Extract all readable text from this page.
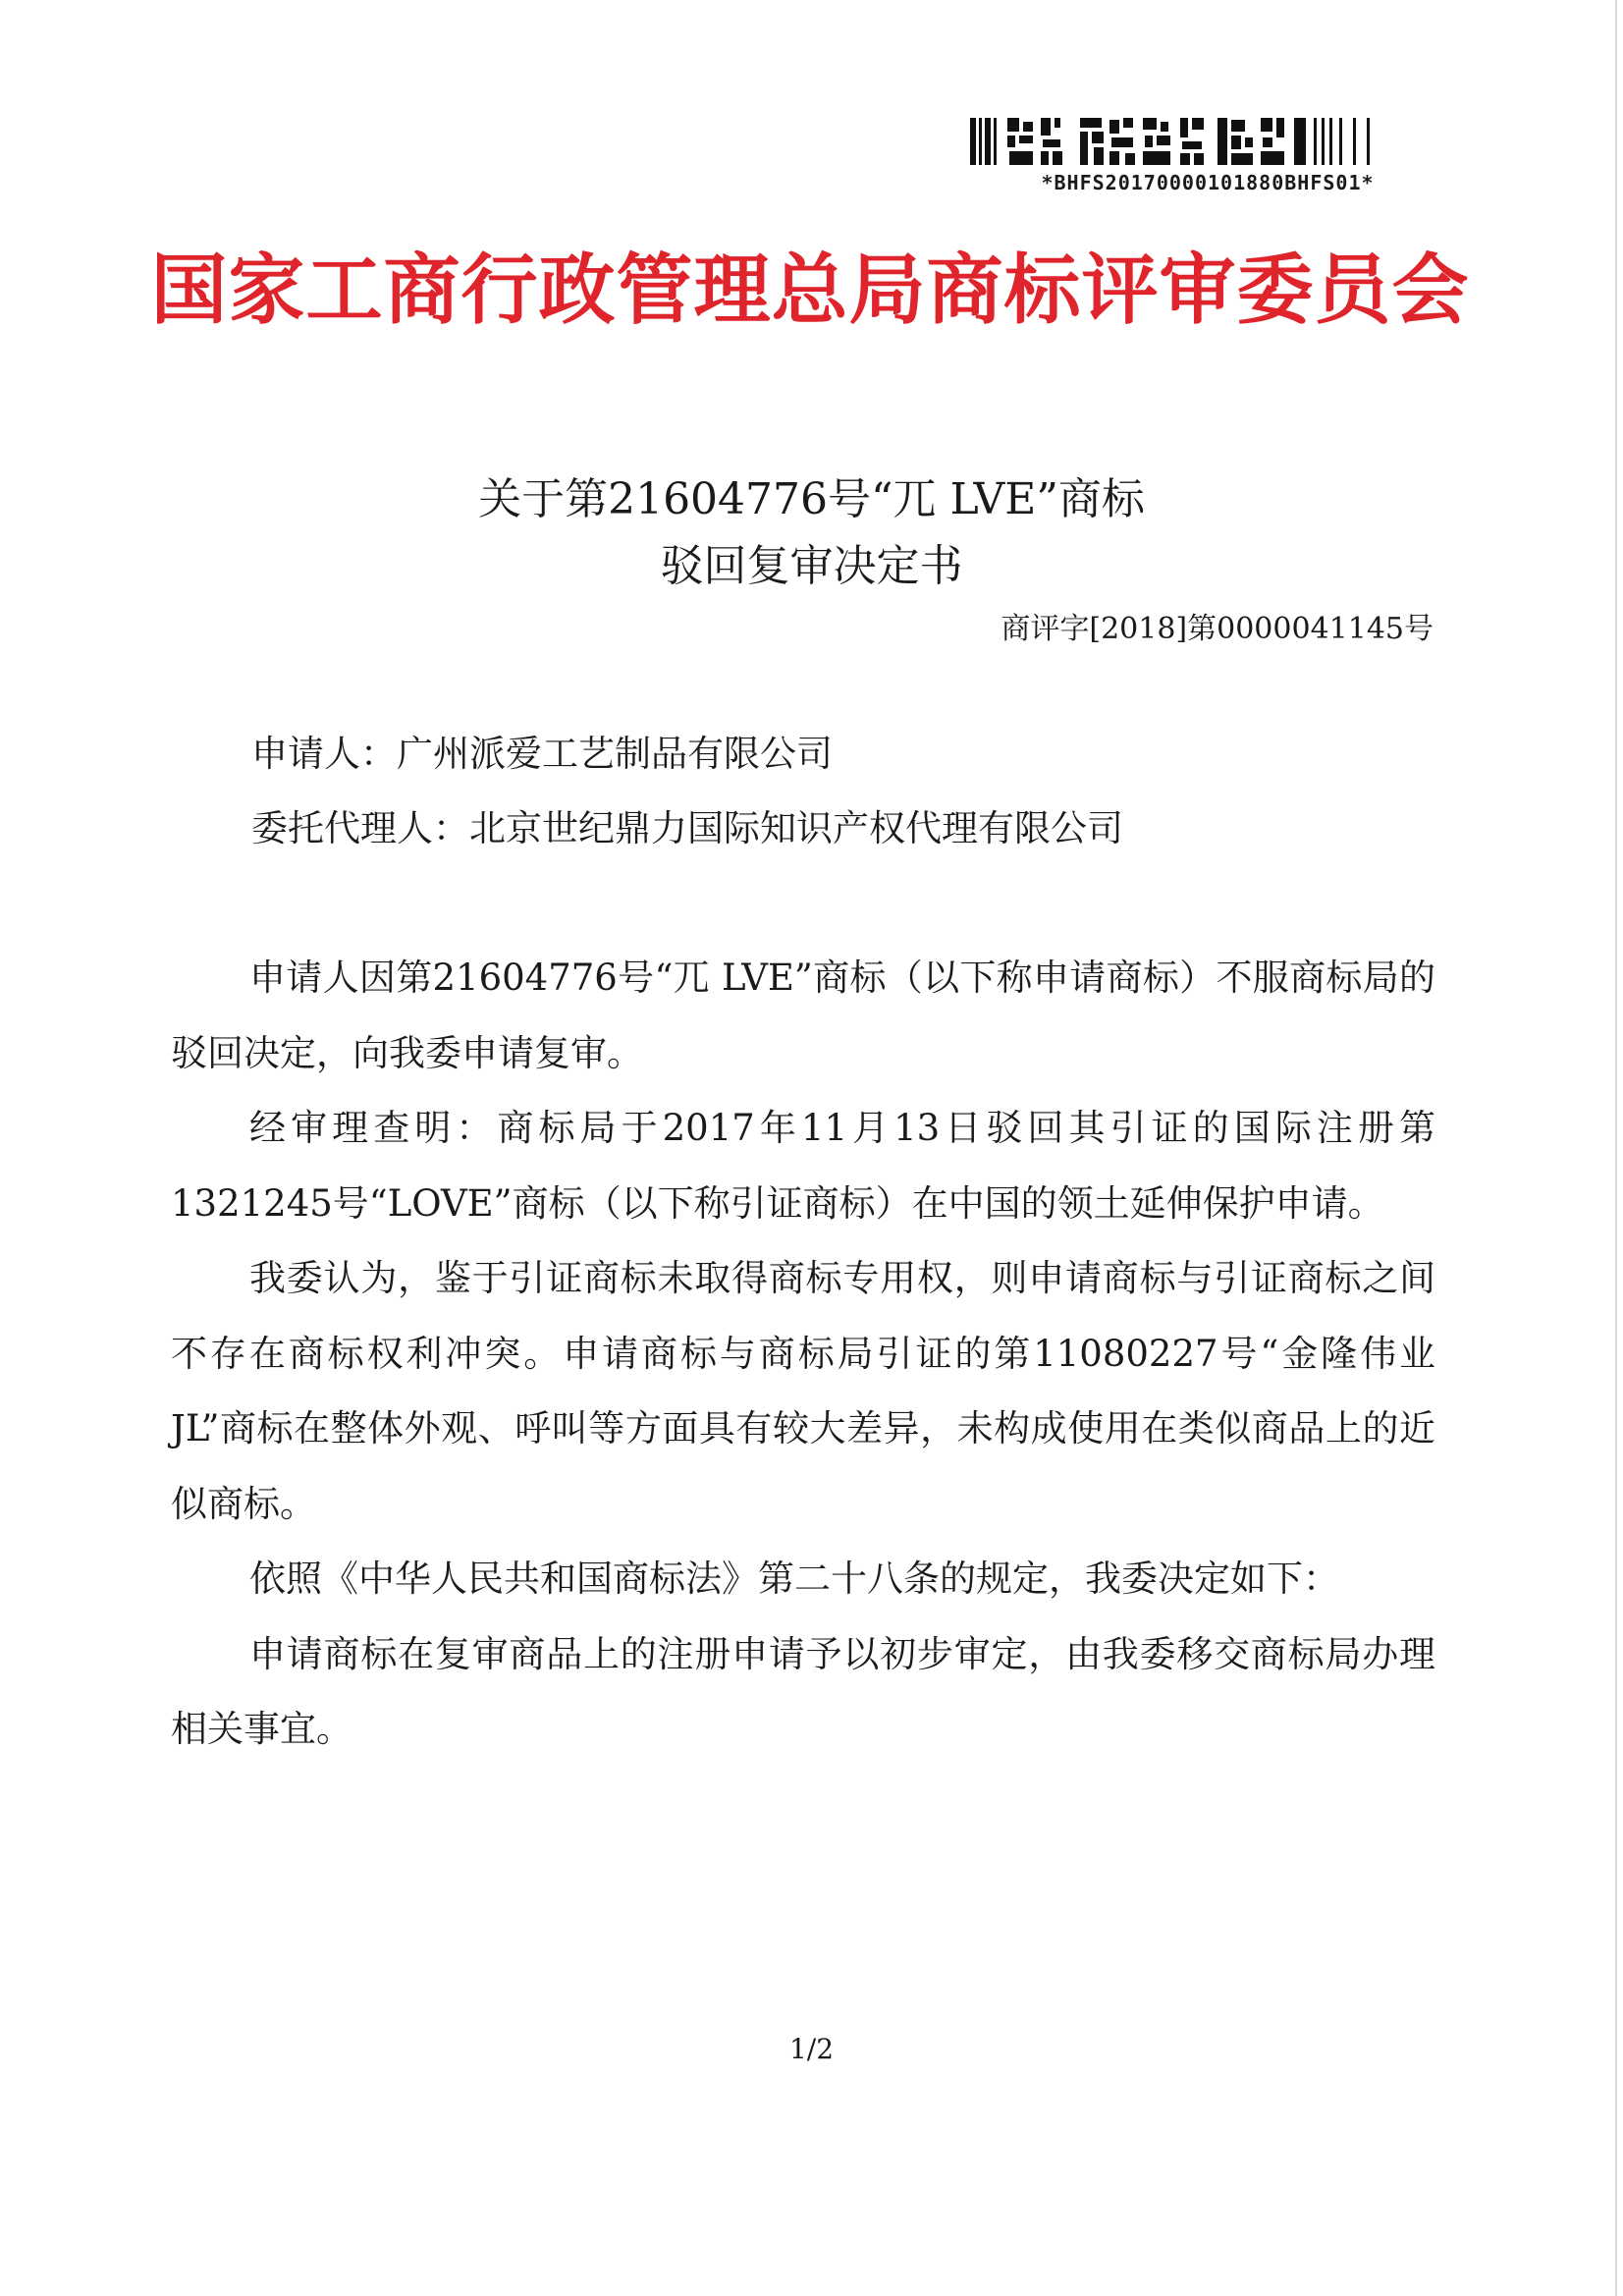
*BHFS20170000101880BHFS01*
国家工商行政管理总局商标评审委员会
关于第21604776号“兀 LVE”商标
驳回复审决定书
商评字[2018]第0000041145号
申请人：广州派爱工艺制品有限公司
委托代理人：北京世纪鼎力国际知识产权代理有限公司

申请人因第21604776号“兀 LVE”商标（以下称申请商标）不服商标局的驳回决定，向我委申请复审。

经审理查明：商标局于2017年11月13日驳回其引证的国际注册第1321245号“LOVE”商标（以下称引证商标）在中国的领土延伸保护申请。

我委认为，鉴于引证商标未取得商标专用权，则申请商标与引证商标之间不存在商标权利冲突。申请商标与商标局引证的第11080227号“金隆伟业JL”商标在整体外观、呼叫等方面具有较大差异，未构成使用在类似商品上的近似商标。

依照《中华人民共和国商标法》第二十八条的规定，我委决定如下：

申请商标在复审商品上的注册申请予以初步审定，由我委移交商标局办理相关事宜。

1/2
